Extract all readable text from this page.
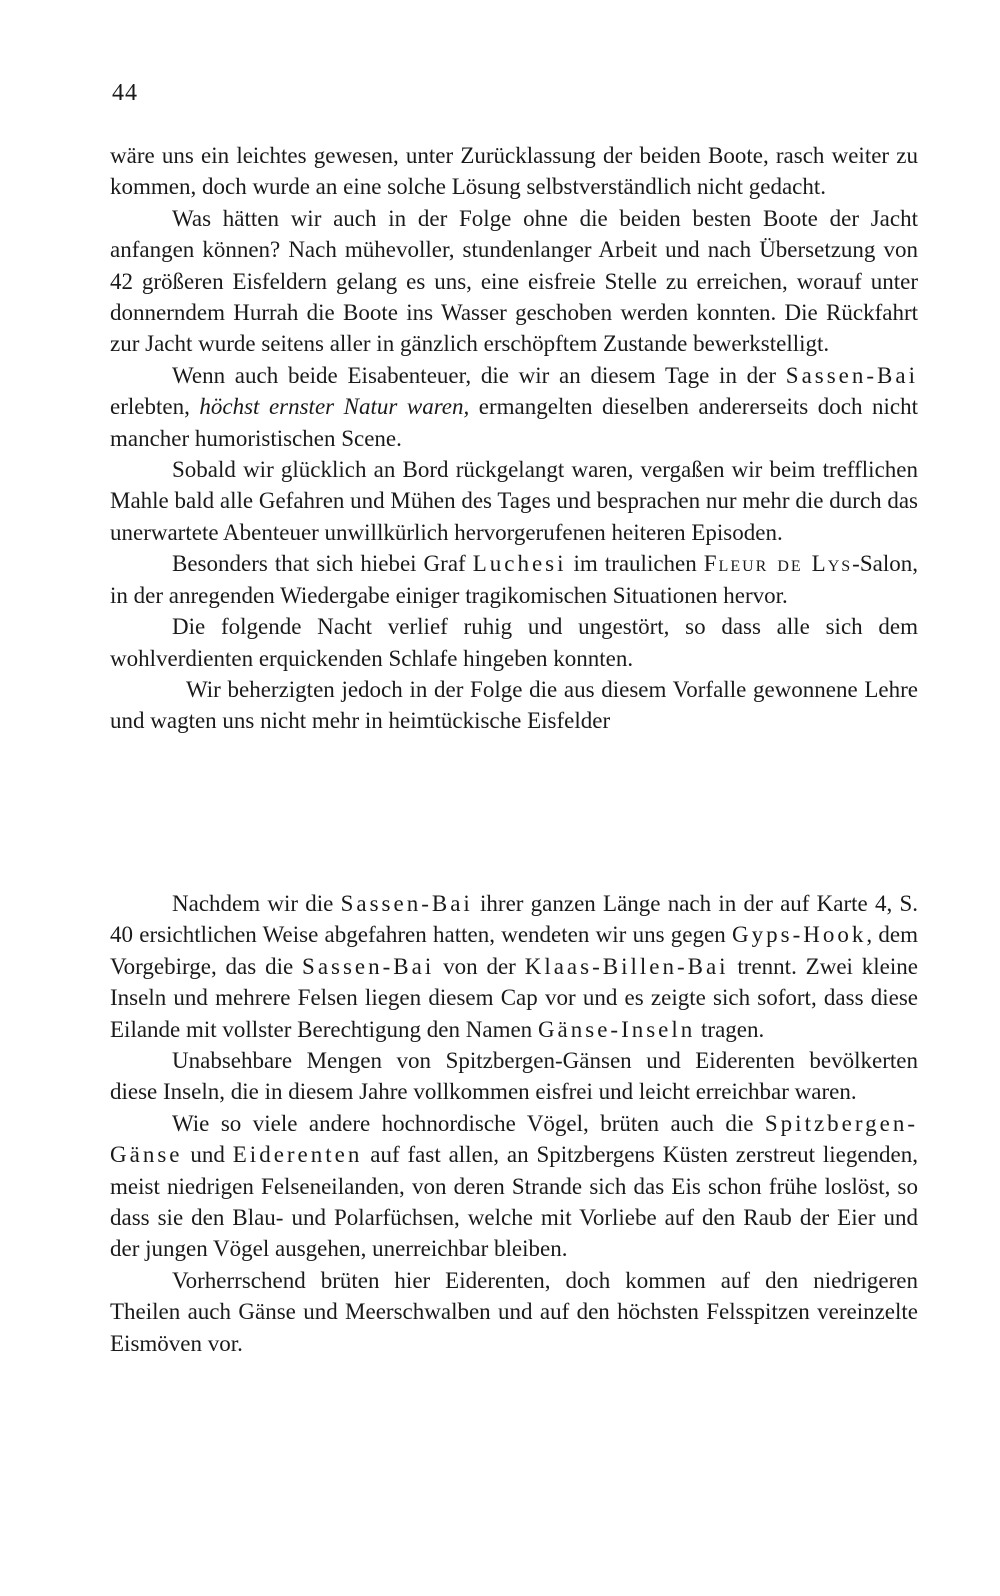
44

wäre uns ein leichtes gewesen, unter Zurücklassung der beiden Boote, rasch weiter zu kommen, doch wurde an eine solche Lösung selbstverständlich nicht gedacht.

Was hätten wir auch in der Folge ohne die beiden besten Boote der Jacht anfangen können? Nach mühevoller, stundenlanger Arbeit und nach Übersetzung von 42 größeren Eisfeldern gelang es uns, eine eisfreie Stelle zu erreichen, worauf unter donnerndem Hurrah die Boote ins Wasser geschoben werden konnten. Die Rückfahrt zur Jacht wurde seitens aller in gänzlich erschöpftem Zustande bewerkstelligt.

Wenn auch beide Eisabenteuer, die wir an diesem Tage in der Sassen-Bai erlebten, höchst ernster Natur waren, ermangelten dieselben andererseits doch nicht mancher humoristischen Scene.

Sobald wir glücklich an Bord rückgelangt waren, vergaßen wir beim trefflichen Mahle bald alle Gefahren und Mühen des Tages und besprachen nur mehr die durch das unerwartete Abenteuer unwillkürlich hervorgerufenen heiteren Episoden.

Besonders that sich hiebei Graf Luchesi im traulichen Fleur de Lys-Salon, in der anregenden Wiedergabe einiger tragikomischen Situationen hervor.

Die folgende Nacht verlief ruhig und ungestört, so dass alle sich dem wohlverdienten erquickenden Schlafe hingeben konnten.

Wir beherzigten jedoch in der Folge die aus diesem Vorfalle gewonnene Lehre und wagten uns nicht mehr in heimtückische Eisfelder

Nachdem wir die Sassen-Bai ihrer ganzen Länge nach in der auf Karte 4, S. 40 ersichtlichen Weise abgefahren hatten, wendeten wir uns gegen Gyps-Hook, dem Vorgebirge, das die Sassen-Bai von der Klaas-Billen-Bai trennt. Zwei kleine Inseln und mehrere Felsen liegen diesem Cap vor und es zeigte sich sofort, dass diese Eilande mit vollster Berechtigung den Namen Gänse-Inseln tragen.

Unabsehbare Mengen von Spitzbergen-Gänsen und Eiderenten bevölkerten diese Inseln, die in diesem Jahre vollkommen eisfrei und leicht erreichbar waren.

Wie so viele andere hochnordische Vögel, brüten auch die Spitzbergen-Gänse und Eiderenten auf fast allen, an Spitzbergens Küsten zerstreut liegenden, meist niedrigen Felseneilanden, von deren Strande sich das Eis schon frühe loslöst, so dass sie den Blau- und Polarfüchsen, welche mit Vorliebe auf den Raub der Eier und der jungen Vögel ausgehen, unerreichbar bleiben.

Vorherrschend brüten hier Eiderenten, doch kommen auf den niedrigeren Theilen auch Gänse und Meerschwalben und auf den höchsten Felsspitzen vereinzelte Eismöven vor.
